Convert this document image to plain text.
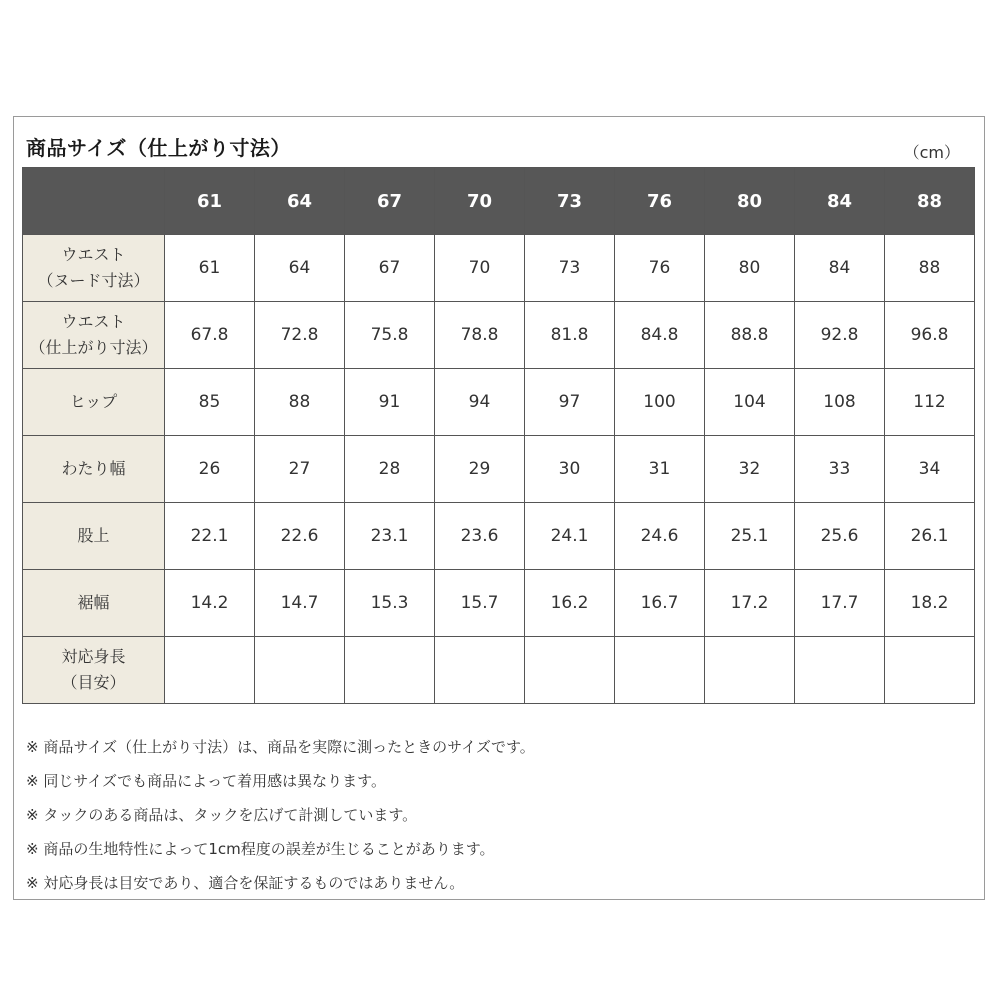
商品サイズ（仕上がり寸法）	（cm）
	61	64	67	70	73	76	80	84	88

ウエスト
（ヌード寸法）	61	64	67	70	73	76	80	84	88

ウエスト
（仕上がり寸法）	67.8	72.8	75.8	78.8	81.8	84.8	88.8	92.8	96.8

ヒップ	85	88	91	94	97	100	104	108	112

わたり幅	26	27	28	29	30	31	32	33	34

股上	22.1	22.6	23.1	23.6	24.1	24.6	25.1	25.6	26.1

裾幅	14.2	14.7	15.3	15.7	16.2	16.7	17.2	17.7	18.2

対応身長
（目安）									

※ 商品サイズ（仕上がり寸法）は、商品を実際に測ったときのサイズです。
※ 同じサイズでも商品によって着用感は異なります。
※ タックのある商品は、タックを広げて計測しています。
※ 商品の生地特性によって1cm程度の誤差が生じることがあります。
※ 対応身長は目安であり、適合を保証するものではありません。
